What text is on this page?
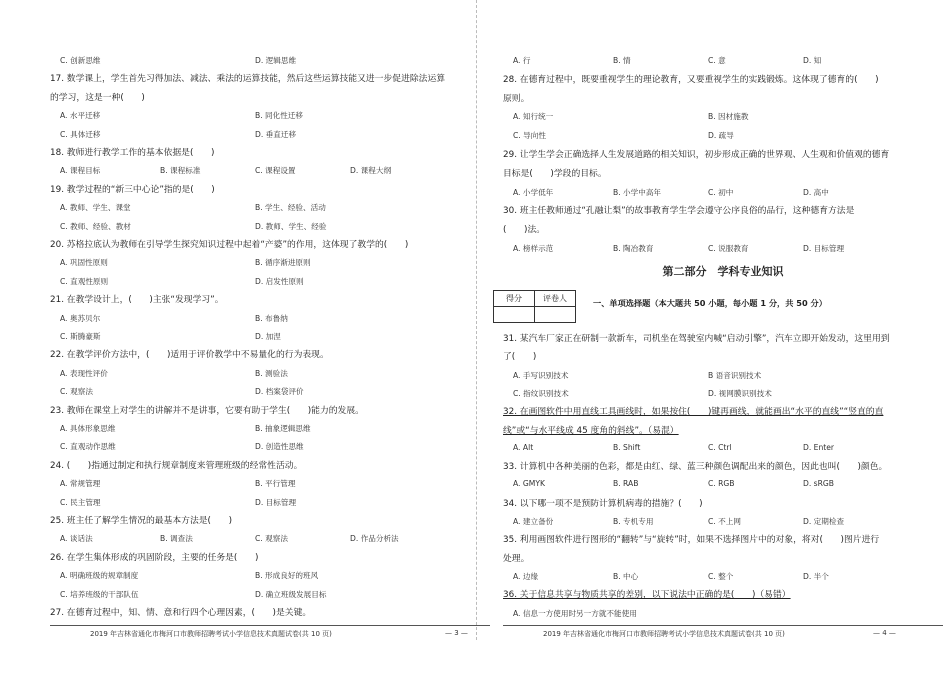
2019 年吉林省通化市梅河口市教师招聘考试小学信息技术真题试卷(共 10 页)	— 3 —
C. 创新思维	D. 逻辑思维
17. 数学课上，学生首先习得加法、减法、乘法的运算技能，然后这些运算技能又进一步促进除法运算
的学习，这是一种(　　)
A. 水平迁移	B. 同化性迁移
C. 具体迁移	D. 垂直迁移
18. 教师进行教学工作的基本依据是(　　)
A. 课程目标	B. 课程标准	C. 课程设置	D. 课程大纲
19. 教学过程的“新三中心论”指的是(　　)
A. 教师、学生、课堂	B. 学生、经验、活动
C. 教师、经验、教材	D. 教师、学生、经验
20. 苏格拉底认为教师在引导学生探究知识过程中起着“产婆”的作用，这体现了教学的(　　)
A. 巩固性原则	B. 循序渐进原则
C. 直观性原则	D. 启发性原则
21. 在教学设计上，(　　)主张“发现学习”。
A. 奥苏贝尔	B. 布鲁纳
C. 斯腾豪斯	D. 加涅
22. 在教学评价方法中，(　　)适用于评价教学中不易量化的行为表现。
A. 表现性评价	B. 测验法
C. 观察法	D. 档案袋评价
23. 教师在课堂上对学生的讲解并不是讲事，它要有助于学生(　　)能力的发展。
A. 具体形象思维	B. 抽象逻辑思维
C. 直观动作思维	D. 创造性思维
24. (　　)指通过制定和执行规章制度来管理班级的经常性活动。
A. 常规管理	B. 平行管理
C. 民主管理	D. 目标管理
25. 班主任了解学生情况的最基本方法是(　　)
A. 谈话法	B. 调查法	C. 观察法	D. 作品分析法
26. 在学生集体形成的巩固阶段，主要的任务是(　　)
A. 明确班级的规章制度	B. 形成良好的班风
C. 培养班级的干部队伍	D. 确立班级发展目标
27. 在德育过程中，知、情、意和行四个心理因素，(　　)是关键。
第二部分　学科专业知识
得分	评卷人
		一、单项选择题（本大题共 50 小题，每小题 1 分，共 50 分）
2019 年吉林省通化市梅河口市教师招聘考试小学信息技术真题试卷(共 10 页)	— 4 —
A. 行	B. 情	C. 意	D. 知
28. 在德育过程中，既要重视学生的理论教育，又要重视学生的实践锻炼。这体现了德育的(　　)
原则。
A. 知行统一	B. 因材施教
C. 导向性	D. 疏导
29. 让学生学会正确选择人生发展道路的相关知识，初步形成正确的世界观、人生观和价值观的德育
目标是(　　)学段的目标。
A. 小学低年	B. 小学中高年	C. 初中	D. 高中
30. 班主任教师通过“孔融让梨”的故事教育学生学会遵守公序良俗的品行，这种德育方法是
(　　)法。
A. 榜样示范	B. 陶冶教育	C. 说服教育	D. 目标管理
31. 某汽车厂家正在研制一款新车，司机坐在驾驶室内喊“启动引擎”，汽车立即开始发动，这里用到
了(　　)
A. 手写识别技术	B 语音识别技术
C. 指纹识别技术	D. 视网膜识别技术
32. 在画图软件中用直线工具画线时，如果按住(　　)键再画线，就能画出“水平的直线”“竖直的直
线”或“与水平线成 45 度角的斜线”。（易混）
A. Alt	B. Shift	C. Ctrl	D. Enter
33. 计算机中各种美丽的色彩，都是由红、绿、蓝三种颜色调配出来的颜色，因此也叫(　　)颜色。
A. GMYK	B. RAB	C. RGB	D. sRGB
34. 以下哪一项不是预防计算机病毒的措施？(　　)
A. 建立备份	B. 专机专用	C. 不上网	D. 定期检查
35. 利用画图软件进行图形的“翻转”与“旋转”时，如果不选择图片中的对象，将对(　　)图片进行
处理。
A. 边缘	B. 中心	C. 整个	D. 半个
36. 关于信息共享与物质共享的差别，以下说法中正确的是(　　)（易错）
A. 信息一方使用时另一方就不能使用
